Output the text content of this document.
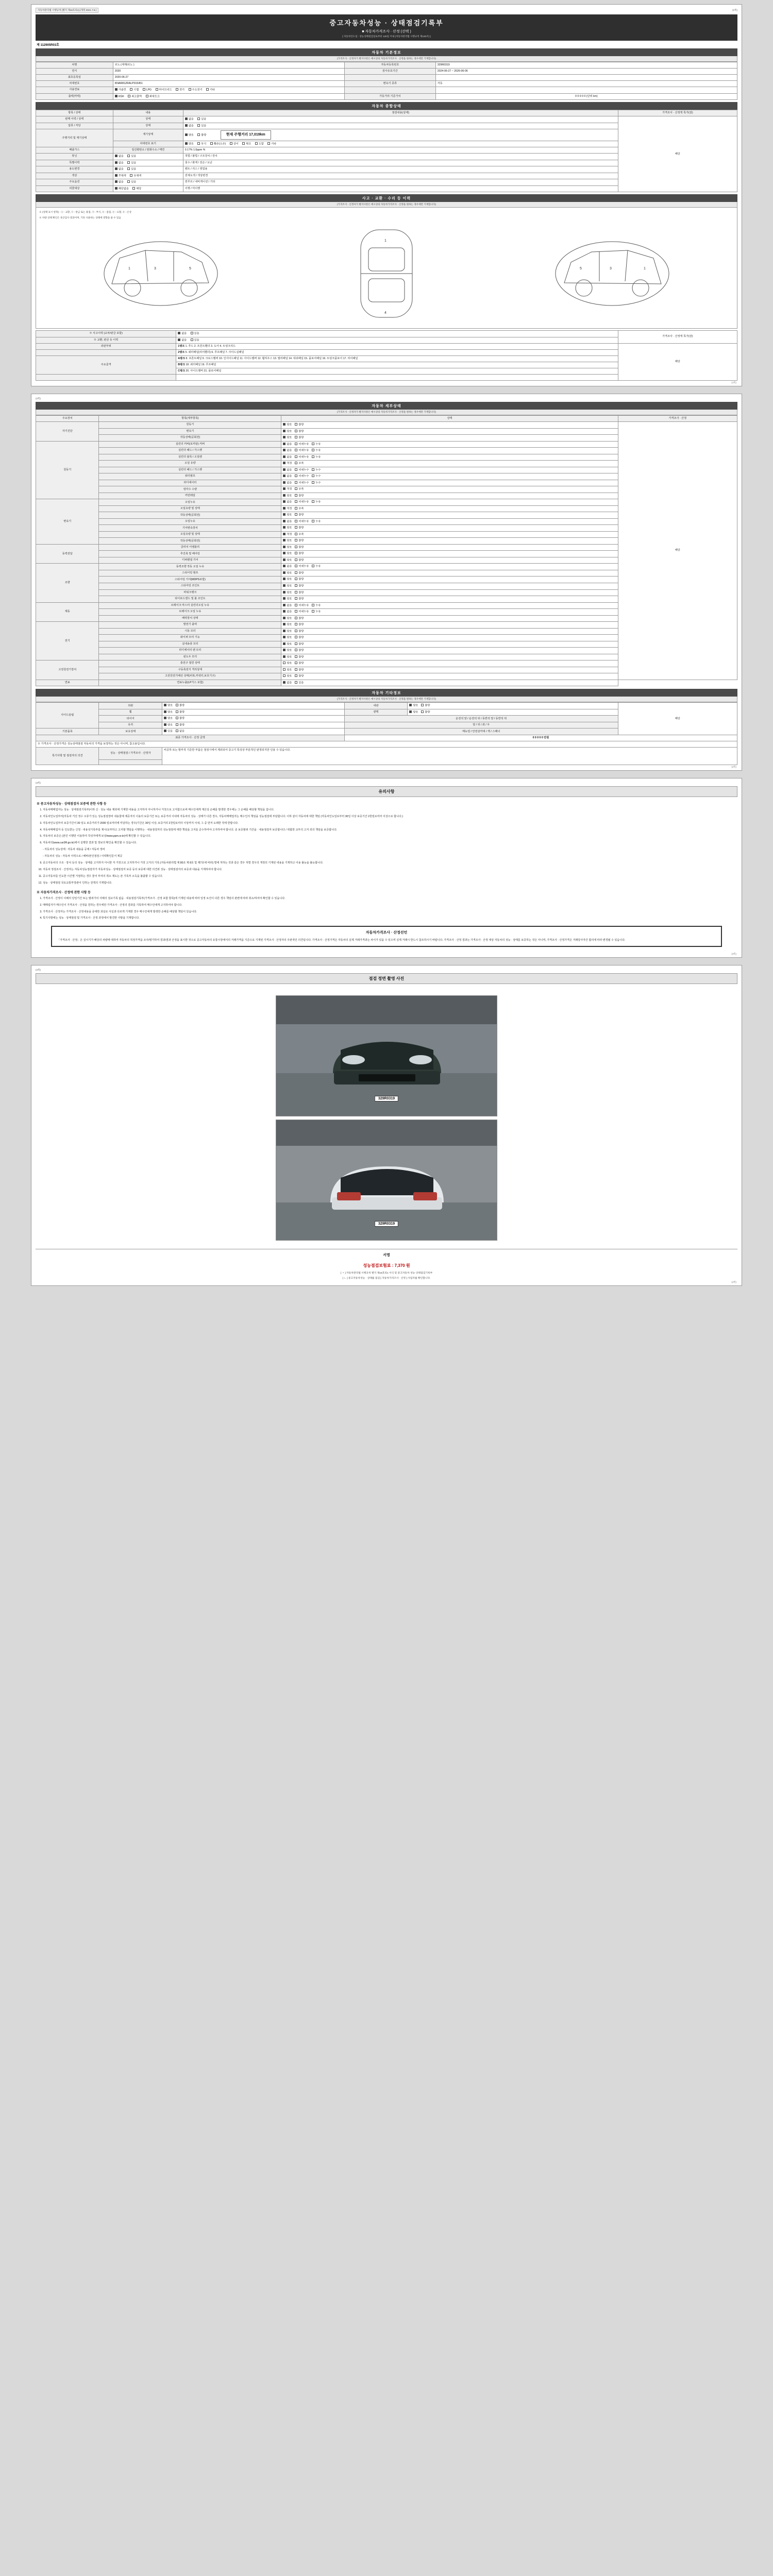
자동차관리법 시행규칙 [별지 제16호의1] (개정 2021.7.6.)	(1쪽)
중고자동차성능 · 상태점검기록부
■ 자동차가격조사 · 산정 (선택 )
[ 자동차인도일 : 성능상태점검일로부터 120일 이내 (자동차관리법 시행규칙 제120조) ]
제 112905R03호
자동차 기본정보
(가격조사 · 산정자가 별지사항은 예시상의 자동차가격조사 · 산정을 원하는 경우에만 기재합니다)
차명	르노 (세제/르노 )	자동차등록번호	329R0319
연식	2020	검사유효기간	2024-06-27 ~ 2026-06-06
최초등록일	2020-06-27		
차대번호	KNAR81ZRALP015451	변속기 종류	자동
사용연료	가솔린 디젤 LPG 하이브리드 전기 수소전기 기타		
출력(마력)	HSH 최고출력 최대토크	가동거리 기준가치	0 0 0 0 0 (단위 km)
자동차 종합상태
항목 / 상태	내용	점검내용(상태)	가격조사 · 산정액 특가(감)
판매 이력 / 상태	상태	없음 있음	해당
압류 / 저당	상태	없음 있음	
주행거리 및 계기상태	계기상태	양호 불량 현재 주행거리 17,019km	
	차대번호 표기	양호 부식 훼손(오손) 상이 변조 도말 기타	
배출가스	일산화탄소 / 탄화수소 / 매연	0.17% 1.0ppm %	
튜닝	없음 있음	적법 / 불법 / 구조장치 / 장치	
특별이력	없음 있음	침수 / 화재 / 전손 / 도난	
용도변경	없음 있음	렌트 / 리스 / 영업용	
색상	무채색 유채색	전체도색 / 색상변경	
주요옵션	없음 있음	썬루프 / 내비게이션 / 기타	
리콜대상	해당없음 해당	이행 / 미이행	
사고 · 교환 · 수리 등 이력
(가격조사 · 산정자가 별지사항은 예시상의 자동차가격조사 · 산정을 원하는 경우에만 기재합니다)
※ (상태 표시 항목) - ① : 교환, ② : 판금 또는 용접, ③ : 부식, ④ : 흠집, ⑤ : 요철, ⑥ : 손상
※ 차량 상태 확인은 육안검사 결과이며, 기타 사용하는 상태에 영향을 줄 수 있음
1	3	5
1
4
5	3	1
※ 사고이력 (교차/판금 포함)	없음 있음	가격조사 · 산정액 특가(감)
※ 교환, 판금 등 이력	없음 있음	
외판부위	1랭크 1. 후드 2. 프론트휀더 3. 도어 4. 트렁크리드	해당
	2랭크 5. 쿼터패널(리어휀더) 6. 루프패널 7. 사이드실패널	
주요골격	A랭크 8. 프론트패널 9. 크로스멤버 10. 인사이드패널 11. 사이드멤버 12. 휠하우스 13. 필러패널 14. 대쉬패널 15. 플로어패널 16. 트렁크플로어 17. 리어패널	
	B랭크 18. 쿼터패널 19. 루프패널	
	C랭크 20. 사이드멤버 21. 플로어패널	

(1쪽)
(2쪽)
자동차 세부상태
(가격조사 · 산정자가 별지사항은 예시상의 자동차가격조사 · 산정을 원하는 경우에만 기재합니다)
주요장치	항목(세부항목)	상태	가격조사 · 산정
자기진단	원동기	양호 불량	해당
	변속기	양호 불량	
	작동상태(공회전)	양호 불량	
원동기	실린더 커버(로커암) 커버	없음 미세누유 누유	
	실린더 헤드 / 가스켓	없음 미세누유 누유	
	실린더 블록 / 오일팬	없음 미세누유 누유	
	오일 유량	적정 부족	
	실린더 헤드 / 가스켓	없음 미세누수 누수	
	워터펌프	없음 미세누수 누수	
	라디에이터	없음 미세누수 누수	
	냉각수 수량	적정 부족	
	커먼레일	양호 불량	
변속기	오일누유	없음 미세누유 누유	
	오일유량 및 상태	적정 부족	
	작동상태(공회전)	양호 불량	
	오일누유	없음 미세누유 누유	
	기어변속장치	양호 불량	
	오일유량 및 상태	적정 부족	
	작동상태(공회전)	양호 불량	
동력전달	클러치 어셈블리	양호 불량	
	추진축 및 베어링	양호 불량	
	디퍼렌셜 기어	양호 불량	
조향	동력조향 작동 오일 누유	없음 미세누유 누유	
	스티어링 펌프	양호 불량	
	스티어링 기어(MDPS포함)	양호 불량	
	스티어링 조인트	양호 불량	
	파워크랭크	양호 불량	
	타이로드엔드 및 볼 조인트	양호 불량	
제동	브레이크 마스터 실린더오일 누유	없음 미세누유 누유	
	브레이크 오일 누유	없음 미세누유 누유	
	배력장치 상태	양호 불량	
전기	발전기 출력	양호 불량	
	시동 모터	양호 불량	
	와이퍼 모터 기능	양호 불량	
	실내송풍 모터	양호 불량	
	라디에이터 팬 모터	양호 불량	
	윈도우 모터	양호 불량	
고전원전기장치	충전구 절연 상태	양호 불량	
	구동축전지 격리상태	양호 불량	
	고전원전기배선 상태(피복,커넥터,보호기구)	양호 불량	
연료	연료누출(LP가스 포함)	없음 있음	
자동차 기타정보
(가격조사 · 산정자가 별지사항은 예시상의 자동차가격조사 · 산정을 원하는 경우에만 기재합니다)
사이드슬립	외관	양호 불량	내관	양호 불량	해당
	휠	양호 불량	광택	양호 불량	
	타이어	양호 불량	운전석 앞 / 운전석 뒤 / 동반석 앞 / 동반석 뒤		
	유리	양호 불량	앞 / 뒤 / 좌 / 우		
기본품목	보유상태	있음 없음	메뉴얼 / 안전삼각대 / 잭 / 스패너		
최종 가격조사 · 산정 금액			0 0 0 0 0 만원		
※ 가격조사 · 산정가격은 성능상태점검 자동차의 가격을 보장하는 것은 아니며, 참고용입니다.					
특기사항 및 점검자의 의견	성능 · 상태점검 / 가격조사 · 산정자	비공하 또는 발부적 기준한 부품은 점검시에서 제외되어 중고기 특성상 부분적인 판정되지만 인용 수 있습니다.			

(2쪽)
(3쪽)
유의사항
※ 중고자동차성능 · 상태점검자 보증에 관한 사항 등
1. 자동차매매업자는 성능 · 상태점검기록부(이하 신 · 성능 내용 제외에 기재한 내용을 고지하지 아니하거나 거짓으로 고지함으로써 매수인에게 재산상 손해를 발생한 경우에는 그 손해를 배상할 책임을 집니다.
2. 자동차인도일부터(자동차 거진 정수 오류가 있는 성능점검장비 내용물에 제공자의 이용의 보증기간 또는 보증거리 이내에 자동차의 성능 · 상태가 다른 경우, 자동차매매업자는 매수인의 책임을 성능점검에 부담합니다. 이하 같이 자동차에 대한 책임 (자동차인도일로부터 30일 이상 보증기간 2천킬로미터 이상으로 합니다.)
3. 자동차인도일부터 보증기간이 30 일도 보증거리가 2000 킬로미터에 미달하는 경우(기간은 30일 이상, 보증거리 2천킬로미터 이상까지 이내, 그 중 먼저 도래한 것에 한합니다.
4. 자동차매매업자 등 인도받는 신청 · 내용성기록부를 제시/교부하고 고지할 책임을 이행하는 · 내용점검자의 성능점검에 대한 책임을 고지를 준수하여야 고지하여야 합니다. 중 보증범위 기간을 · 내용점검자 보증합니다 / 취합한 교부의 고지 외의 책임을 보증합니다.
5. 자동차의 보증은 (본인 이행만 이용하여 작성자에게 보상/www.ppm.or.kr)에 확인할 수 있습니다.
6. 자동차의(www.car3R.go.kr)에서 실행한 결과 및 정보의 확인을 확인할 수 있습니다.
- 자동차의 성능상태 : 자동차 내용을 공제 / 자동차 정비
- 자동차의 성능 : 자동차 이력으로 / 해바/본인점검 / 이력확인문서 제공
9. 중고자동차의 구조 · 장치 등의 성능 · 상태를 고지하지 아니한 자 거짓으로 고지하거나 거짓 고지의 기록 (자동차관리법 제 80조 제 8호 및 제7호에 따라) 벌에 처하는 것과 같은 경우 처벌 경우의 개정의 기재된 내용을 기재하고 이용 불능을 불능합니다.
10. 자동차 정검조사 · 산정자는 자동차성능점검자가 자동차성능 · 상태점검자 보증 등의 보증에 대한 의견과 성능 · 상태점검자의 보증과 내용을 기재하여야 합니다.
11. 중고자동차를 인도한 시간별 거절하는 경우 물어 부여의 취소 제도는 본 기록부 소득을 불출할 수 있습니다.
12. 성능 · 상태점검 국토교통부장관이 인하는 전액의 기재합니다.
※ 자동차가격조사 · 산정에 관한 사항 등
1. 가격조사 · 산정이 이해의 당일기간 또는 범위가의 사례의 검교기록 없음 · 내용점검기록부(가격조사 · 산정 포함 항목)에 기재된 내용에 따라 일정 요건이 다른 경우 책임의 관련에 따라 취소/하여야 확인할 수 있습니다.
2. 매매업자가 매수인이 가격조사 · 산정을 원하는 경우에만 가격조사 · 산정의 결과를 기록하여 매수인에게 고지하여야 합니다.
3. 가격조사 · 산정자는 가격조사 · 산정내용을 중대한 과실로 사실과 다르게 기재한 경우 매수인에게 발생한 손해를 배상할 책임이 있습니다.
4. 특기사항에는 성능 · 상태점검 및 가격조사 · 산정 과정에서 발견한 사항을 기재합니다.
자동차가격조사 · 산정선언
「가격조사 · 산정」은 실시기가 해당의 차량에 대하여 자동차의 적정가격을 조사/평가하여 결과/결과 산정을 표시한 것으로 중고자동차의 유통시장에서의 거래가격을 기준으로 기재된 가격조사 · 산정자의 주관적인 의견입니다. 가격조사 · 산정가격은 자동차의 실제 거래가격과는 차이가 있을 수 있으며 실제 거래시 반드시 참조하시기 바랍니다. 가격조사 · 산정 결과는 가격조사 · 산정 대상 자동차의 성능 · 상태를 보증하는 것은 아니며, 가격조사 · 산정가격은 거래당사자간 합의에 따라 변경될 수 있습니다.
(3쪽)
(4쪽)
점검 정면 촬영 사진
329R0319
329R0319
서명
성능점검보험료 : 7,370 원
[ ㄱ ] 자동차관리법 시행규칙 별지 제16호의1 서식 및 중고자동차 성능·상태점검기록부
[ ㄴ ] 중고자동차성능 · 상태를 점검 [ 자동차가격조사 · 산정 ] 사업자를 확인합니다.
(4쪽)
